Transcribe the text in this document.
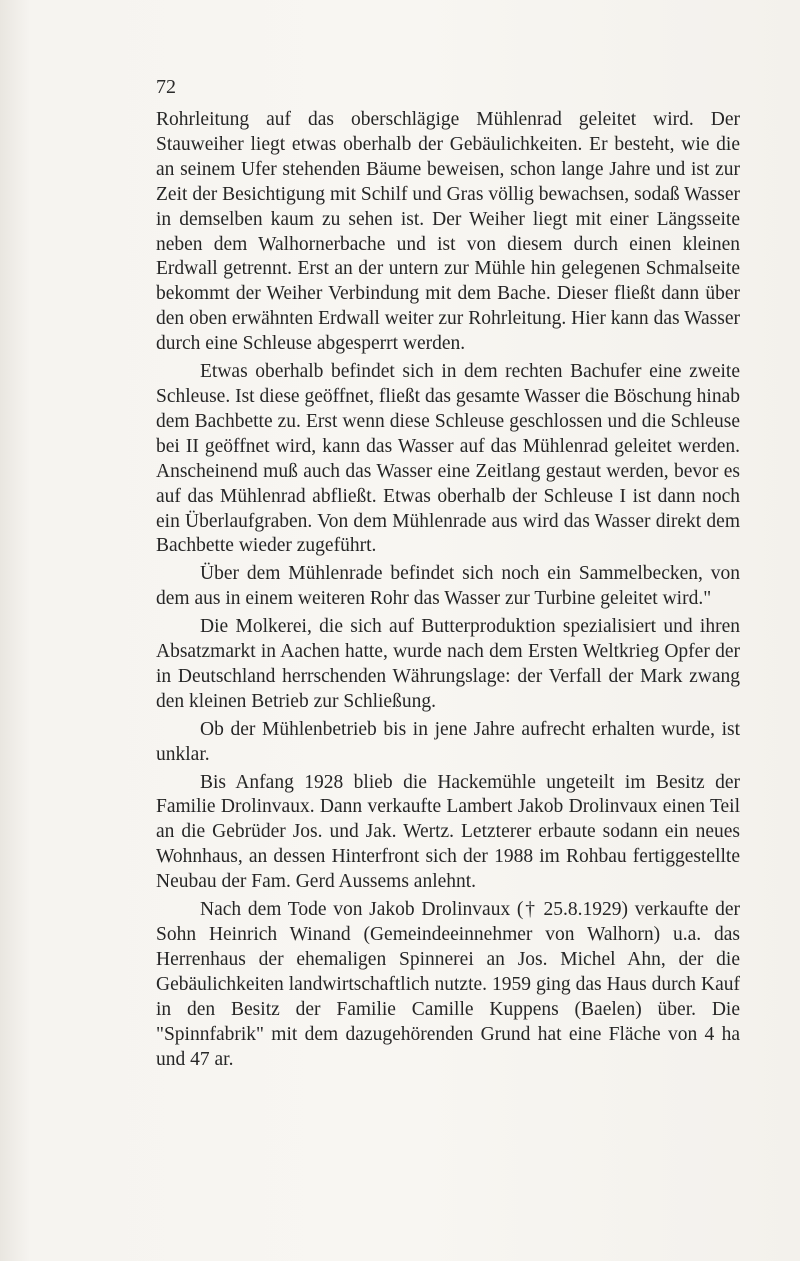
72

Rohrleitung auf das oberschlägige Mühlenrad geleitet wird. Der Stauweiher liegt etwas oberhalb der Gebäulichkeiten. Er besteht, wie die an seinem Ufer stehenden Bäume beweisen, schon lange Jahre und ist zur Zeit der Besichtigung mit Schilf und Gras völlig bewachsen, sodaß Wasser in demselben kaum zu sehen ist. Der Weiher liegt mit einer Längsseite neben dem Walhornerbache und ist von diesem durch einen kleinen Erdwall getrennt. Erst an der untern zur Mühle hin gelegenen Schmalseite bekommt der Weiher Verbindung mit dem Bache. Dieser fließt dann über den oben erwähnten Erdwall weiter zur Rohrleitung. Hier kann das Wasser durch eine Schleuse abgesperrt werden.

Etwas oberhalb befindet sich in dem rechten Bachufer eine zweite Schleuse. Ist diese geöffnet, fließt das gesamte Wasser die Böschung hinab dem Bachbette zu. Erst wenn diese Schleuse geschlossen und die Schleuse bei II geöffnet wird, kann das Wasser auf das Mühlenrad geleitet werden. Anscheinend muß auch das Wasser eine Zeitlang gestaut werden, bevor es auf das Mühlenrad abfließt. Etwas oberhalb der Schleuse I ist dann noch ein Überlaufgraben. Von dem Mühlenrade aus wird das Wasser direkt dem Bachbette wieder zugeführt.

Über dem Mühlenrade befindet sich noch ein Sammelbecken, von dem aus in einem weiteren Rohr das Wasser zur Turbine geleitet wird."

Die Molkerei, die sich auf Butterproduktion spezialisiert und ihren Absatzmarkt in Aachen hatte, wurde nach dem Ersten Weltkrieg Opfer der in Deutschland herrschenden Währungslage: der Verfall der Mark zwang den kleinen Betrieb zur Schließung.

Ob der Mühlenbetrieb bis in jene Jahre aufrecht erhalten wurde, ist unklar.

Bis Anfang 1928 blieb die Hackemühle ungeteilt im Besitz der Familie Drolinvaux. Dann verkaufte Lambert Jakob Drolinvaux einen Teil an die Gebrüder Jos. und Jak. Wertz. Letzterer erbaute sodann ein neues Wohnhaus, an dessen Hinterfront sich der 1988 im Rohbau fertiggestellte Neubau der Fam. Gerd Aussems anlehnt.

Nach dem Tode von Jakob Drolinvaux († 25.8.1929) verkaufte der Sohn Heinrich Winand (Gemeindeeinnehmer von Walhorn) u.a. das Herrenhaus der ehemaligen Spinnerei an Jos. Michel Ahn, der die Gebäulichkeiten landwirtschaftlich nutzte. 1959 ging das Haus durch Kauf in den Besitz der Familie Camille Kuppens (Baelen) über. Die "Spinnfabrik" mit dem dazugehörenden Grund hat eine Fläche von 4 ha und 47 ar.
